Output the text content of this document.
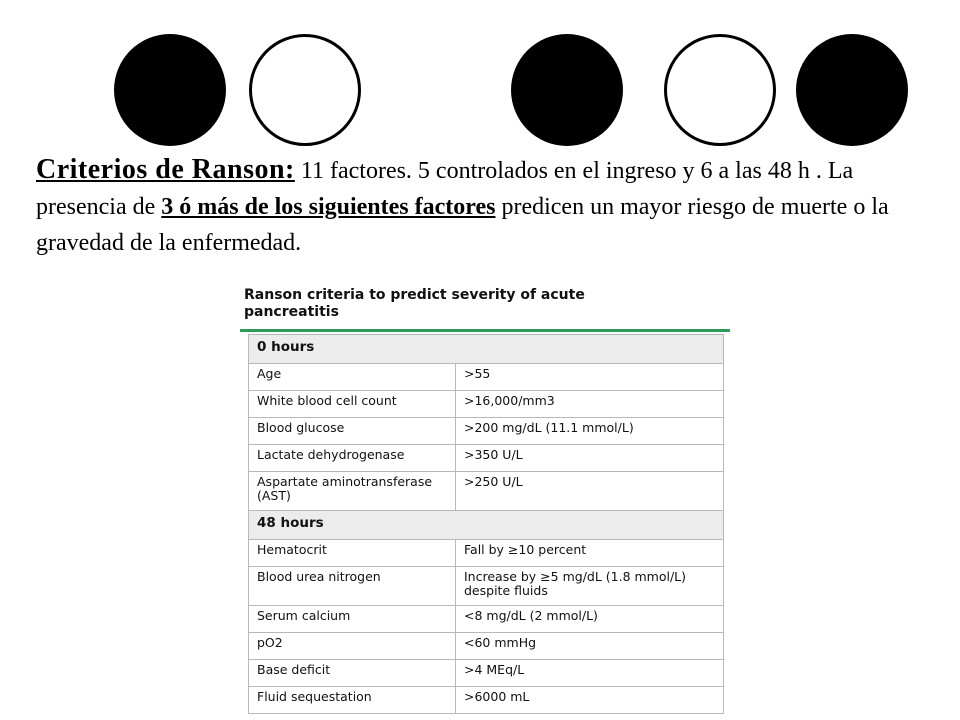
Criterios de Ranson: 11 factores. 5 controlados en el ingreso y 6 a las 48 h . La presencia de 3 ó más de los siguientes factores predicen un mayor riesgo de muerte o la gravedad de la enfermedad.
Ranson criteria to predict severity of acute pancreatitis
0 hours	
Age	>55
White blood cell count	>16,000/mm3
Blood glucose	>200 mg/dL (11.1 mmol/L)
Lactate dehydrogenase	>350 U/L
Aspartate aminotransferase (AST)	>250 U/L
48 hours	
Hematocrit	Fall by ≥10 percent
Blood urea nitrogen	Increase by ≥5 mg/dL (1.8 mmol/L) despite fluids
Serum calcium	<8 mg/dL (2 mmol/L)
pO2	<60 mmHg
Base deficit	>4 MEq/L
Fluid sequestation	>6000 mL
